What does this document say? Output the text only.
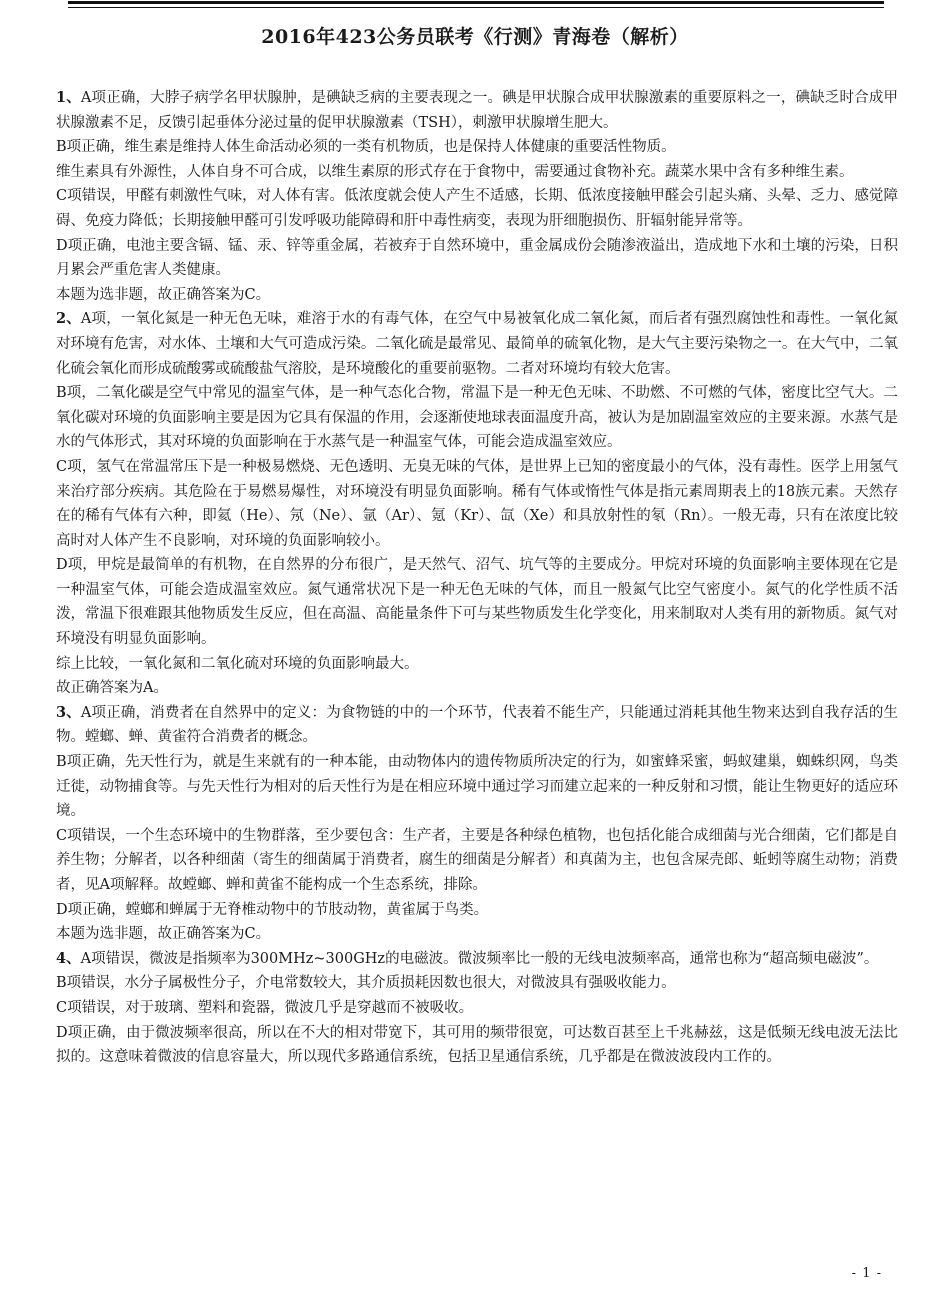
2016年423公务员联考《行测》青海卷（解析）

1、A项正确，大脖子病学名甲状腺肿，是碘缺乏病的主要表现之一。碘是甲状腺合成甲状腺激素的重要原料之一，碘缺乏时合成甲状腺激素不足，反馈引起垂体分泌过量的促甲状腺激素（TSH），刺激甲状腺增生肥大。

B项正确，维生素是维持人体生命活动必须的一类有机物质，也是保持人体健康的重要活性物质。

维生素具有外源性，人体自身不可合成，以维生素原的形式存在于食物中，需要通过食物补充。蔬菜水果中含有多种维生素。

C项错误，甲醛有刺激性气味，对人体有害。低浓度就会使人产生不适感，长期、低浓度接触甲醛会引起头痛、头晕、乏力、感觉障碍、免疫力降低；长期接触甲醛可引发呼吸功能障碍和肝中毒性病变，表现为肝细胞损伤、肝辐射能异常等。

D项正确，电池主要含镉、锰、汞、锌等重金属，若被弃于自然环境中，重金属成份会随渗液溢出，造成地下水和土壤的污染，日积月累会严重危害人类健康。

本题为选非题，故正确答案为C。

2、A项，一氧化氮是一种无色无味，难溶于水的有毒气体，在空气中易被氧化成二氧化氮，而后者有强烈腐蚀性和毒性。一氧化氮对环境有危害，对水体、土壤和大气可造成污染。二氧化硫是最常见、最简单的硫氧化物，是大气主要污染物之一。在大气中，二氧化硫会氧化而形成硫酸雾或硫酸盐气溶胶，是环境酸化的重要前驱物。二者对环境均有较大危害。

B项，二氧化碳是空气中常见的温室气体，是一种气态化合物，常温下是一种无色无味、不助燃、不可燃的气体，密度比空气大。二氧化碳对环境的负面影响主要是因为它具有保温的作用，会逐渐使地球表面温度升高，被认为是加剧温室效应的主要来源。水蒸气是水的气体形式，其对环境的负面影响在于水蒸气是一种温室气体，可能会造成温室效应。

C项，氢气在常温常压下是一种极易燃烧、无色透明、无臭无味的气体，是世界上已知的密度最小的气体，没有毒性。医学上用氢气来治疗部分疾病。其危险在于易燃易爆性，对环境没有明显负面影响。稀有气体或惰性气体是指元素周期表上的18族元素。天然存在的稀有气体有六种，即氦（He）、氖（Ne）、氩（Ar）、氪（Kr）、氙（Xe）和具放射性的氡（Rn）。一般无毒，只有在浓度比较高时对人体产生不良影响，对环境的负面影响较小。

D项，甲烷是最简单的有机物，在自然界的分布很广，是天然气、沼气、坑气等的主要成分。甲烷对环境的负面影响主要体现在它是一种温室气体，可能会造成温室效应。氮气通常状况下是一种无色无味的气体，而且一般氮气比空气密度小。氮气的化学性质不活泼，常温下很难跟其他物质发生反应，但在高温、高能量条件下可与某些物质发生化学变化，用来制取对人类有用的新物质。氮气对环境没有明显负面影响。

综上比较，一氧化氮和二氧化硫对环境的负面影响最大。

故正确答案为A。

3、A项正确，消费者在自然界中的定义：为食物链的中的一个环节，代表着不能生产，只能通过消耗其他生物来达到自我存活的生物。螳螂、蝉、黄雀符合消费者的概念。

B项正确，先天性行为，就是生来就有的一种本能，由动物体内的遗传物质所决定的行为，如蜜蜂采蜜，蚂蚁建巢，蜘蛛织网，鸟类迁徙，动物捕食等。与先天性行为相对的后天性行为是在相应环境中通过学习而建立起来的一种反射和习惯，能让生物更好的适应环境。

C项错误，一个生态环境中的生物群落，至少要包含：生产者，主要是各种绿色植物，也包括化能合成细菌与光合细菌，它们都是自养生物；分解者，以各种细菌（寄生的细菌属于消费者，腐生的细菌是分解者）和真菌为主，也包含屎壳郎、蚯蚓等腐生动物；消费者，见A项解释。故螳螂、蝉和黄雀不能构成一个生态系统，排除。

D项正确，螳螂和蝉属于无脊椎动物中的节肢动物，黄雀属于鸟类。

本题为选非题，故正确答案为C。

4、A项错误，微波是指频率为300MHz~300GHz的电磁波。微波频率比一般的无线电波频率高，通常也称为“超高频电磁波”。

B项错误，水分子属极性分子，介电常数较大，其介质损耗因数也很大，对微波具有强吸收能力。

C项错误，对于玻璃、塑料和瓷器，微波几乎是穿越而不被吸收。

D项正确，由于微波频率很高，所以在不大的相对带宽下，其可用的频带很宽，可达数百甚至上千兆赫兹，这是低频无线电波无法比拟的。这意味着微波的信息容量大，所以现代多路通信系统，包括卫星通信系统，几乎都是在微波波段内工作的。

- 1 -
